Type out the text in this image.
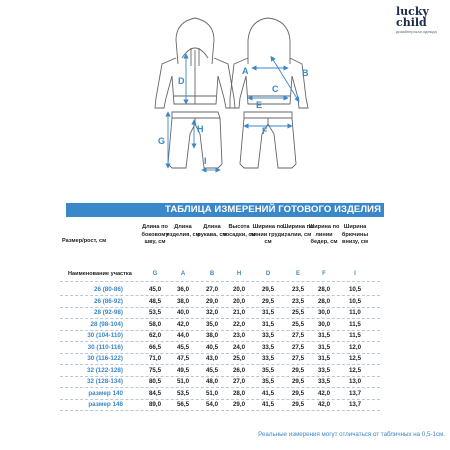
lucky child
дизайнерская одежда
D
A	B
C
E
F
G
H
I
ТАБЛИЦА ИЗМЕРЕНИЙ ГОТОВОГО ИЗДЕЛИЯ
Размер/рост, см
Длина по боковому шву, см
Длина изделия, см
Длина рукава, см
Высота посадки, см
Ширина по линии груди, см
Ширина по талии, см
Ширина по линии бедер, см
Ширина брючины внизу, см
Наименование участка	G	A	B	H	D	E	F	I
26 (80-86)	45,0	36,0	27,0	20,0	29,5	23,5	28,0	10,5
26 (86-92)	48,5	38,0	29,0	20,0	29,5	23,5	28,0	10,5
28 (92-98)	53,5	40,0	32,0	21,0	31,5	25,5	30,0	11,0
28 (98-104)	58,0	42,0	35,0	22,0	31,5	25,5	30,0	11,5
30 (104-110)	62,0	44,0	38,0	23,0	33,5	27,5	31,5	11,5
30 (110-116)	66,5	45,5	40,5	24,0	33,5	27,5	31,5	12,0
30 (116-122)	71,0	47,5	43,0	25,0	33,5	27,5	31,5	12,5
32 (122-128)	75,5	49,5	45,5	26,0	35,5	29,5	33,5	12,5
32 (128-134)	80,5	51,0	48,0	27,0	35,5	29,5	33,5	13,0
размер 140	84,5	53,5	51,0	28,0	41,5	29,5	42,0	13,7
размер 146	89,0	56,5	54,0	29,0	41,5	29,5	42,0	13,7
Реальные измерения могут отличаться от табличных на 0,5-1см.
